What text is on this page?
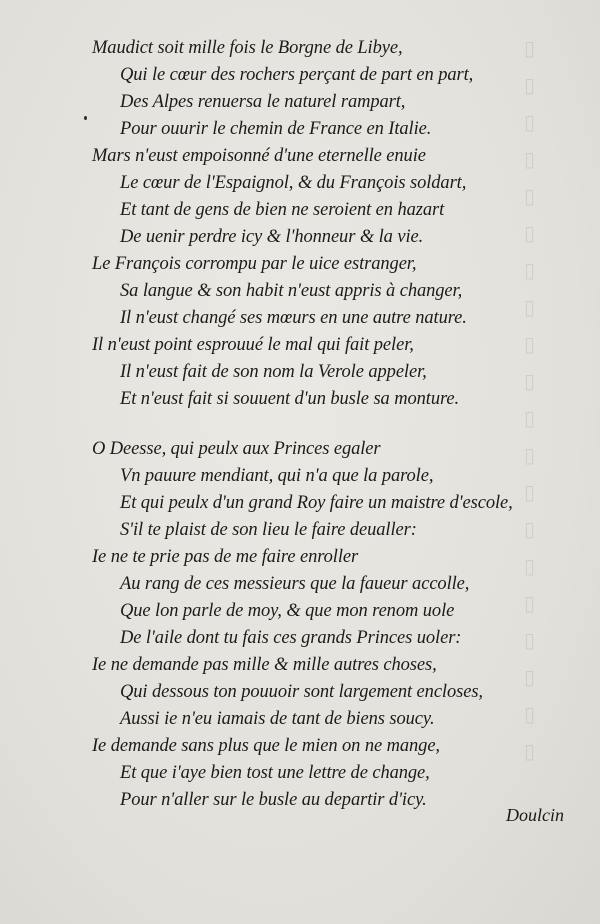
▯
▯
▯
▯
▯
▯
▯
▯
▯
▯
▯
▯
▯
▯
▯
▯
▯
▯
▯
▯
Maudict soit mille fois le Borgne de Libye,
Qui le cœur des rochers perçant de part en part,
Des Alpes renuersa le naturel rampart,
Pour ouurir le chemin de France en Italie.
Mars n'eust empoisonné d'une eternelle enuie
Le cœur de l'Espaignol, & du François soldart,
Et tant de gens de bien ne seroient en hazart
De uenir perdre icy & l'honneur & la vie.
Le François corrompu par le uice estranger,
Sa langue & son habit n'eust appris à changer,
Il n'eust changé ses mœurs en une autre nature.
Il n'eust point esprouué le mal qui fait peler,
Il n'eust fait de son nom la Verole appeler,
Et n'eust fait si souuent d'un busle sa monture.
O Deesse, qui peulx aux Princes egaler
Vn pauure mendiant, qui n'a que la parole,
Et qui peulx d'un grand Roy faire un maistre d'escole,
S'il te plaist de son lieu le faire deualler:
Ie ne te prie pas de me faire enroller
Au rang de ces messieurs que la faueur accolle,
Que lon parle de moy, & que mon renom uole
De l'aile dont tu fais ces grands Princes uoler:
Ie ne demande pas mille & mille autres choses,
Qui dessous ton pouuoir sont largement encloses,
Aussi ie n'eu iamais de tant de biens soucy.
Ie demande sans plus que le mien on ne mange,
Et que i'aye bien tost une lettre de change,
Pour n'aller sur le busle au departir d'icy.
Doulcin
